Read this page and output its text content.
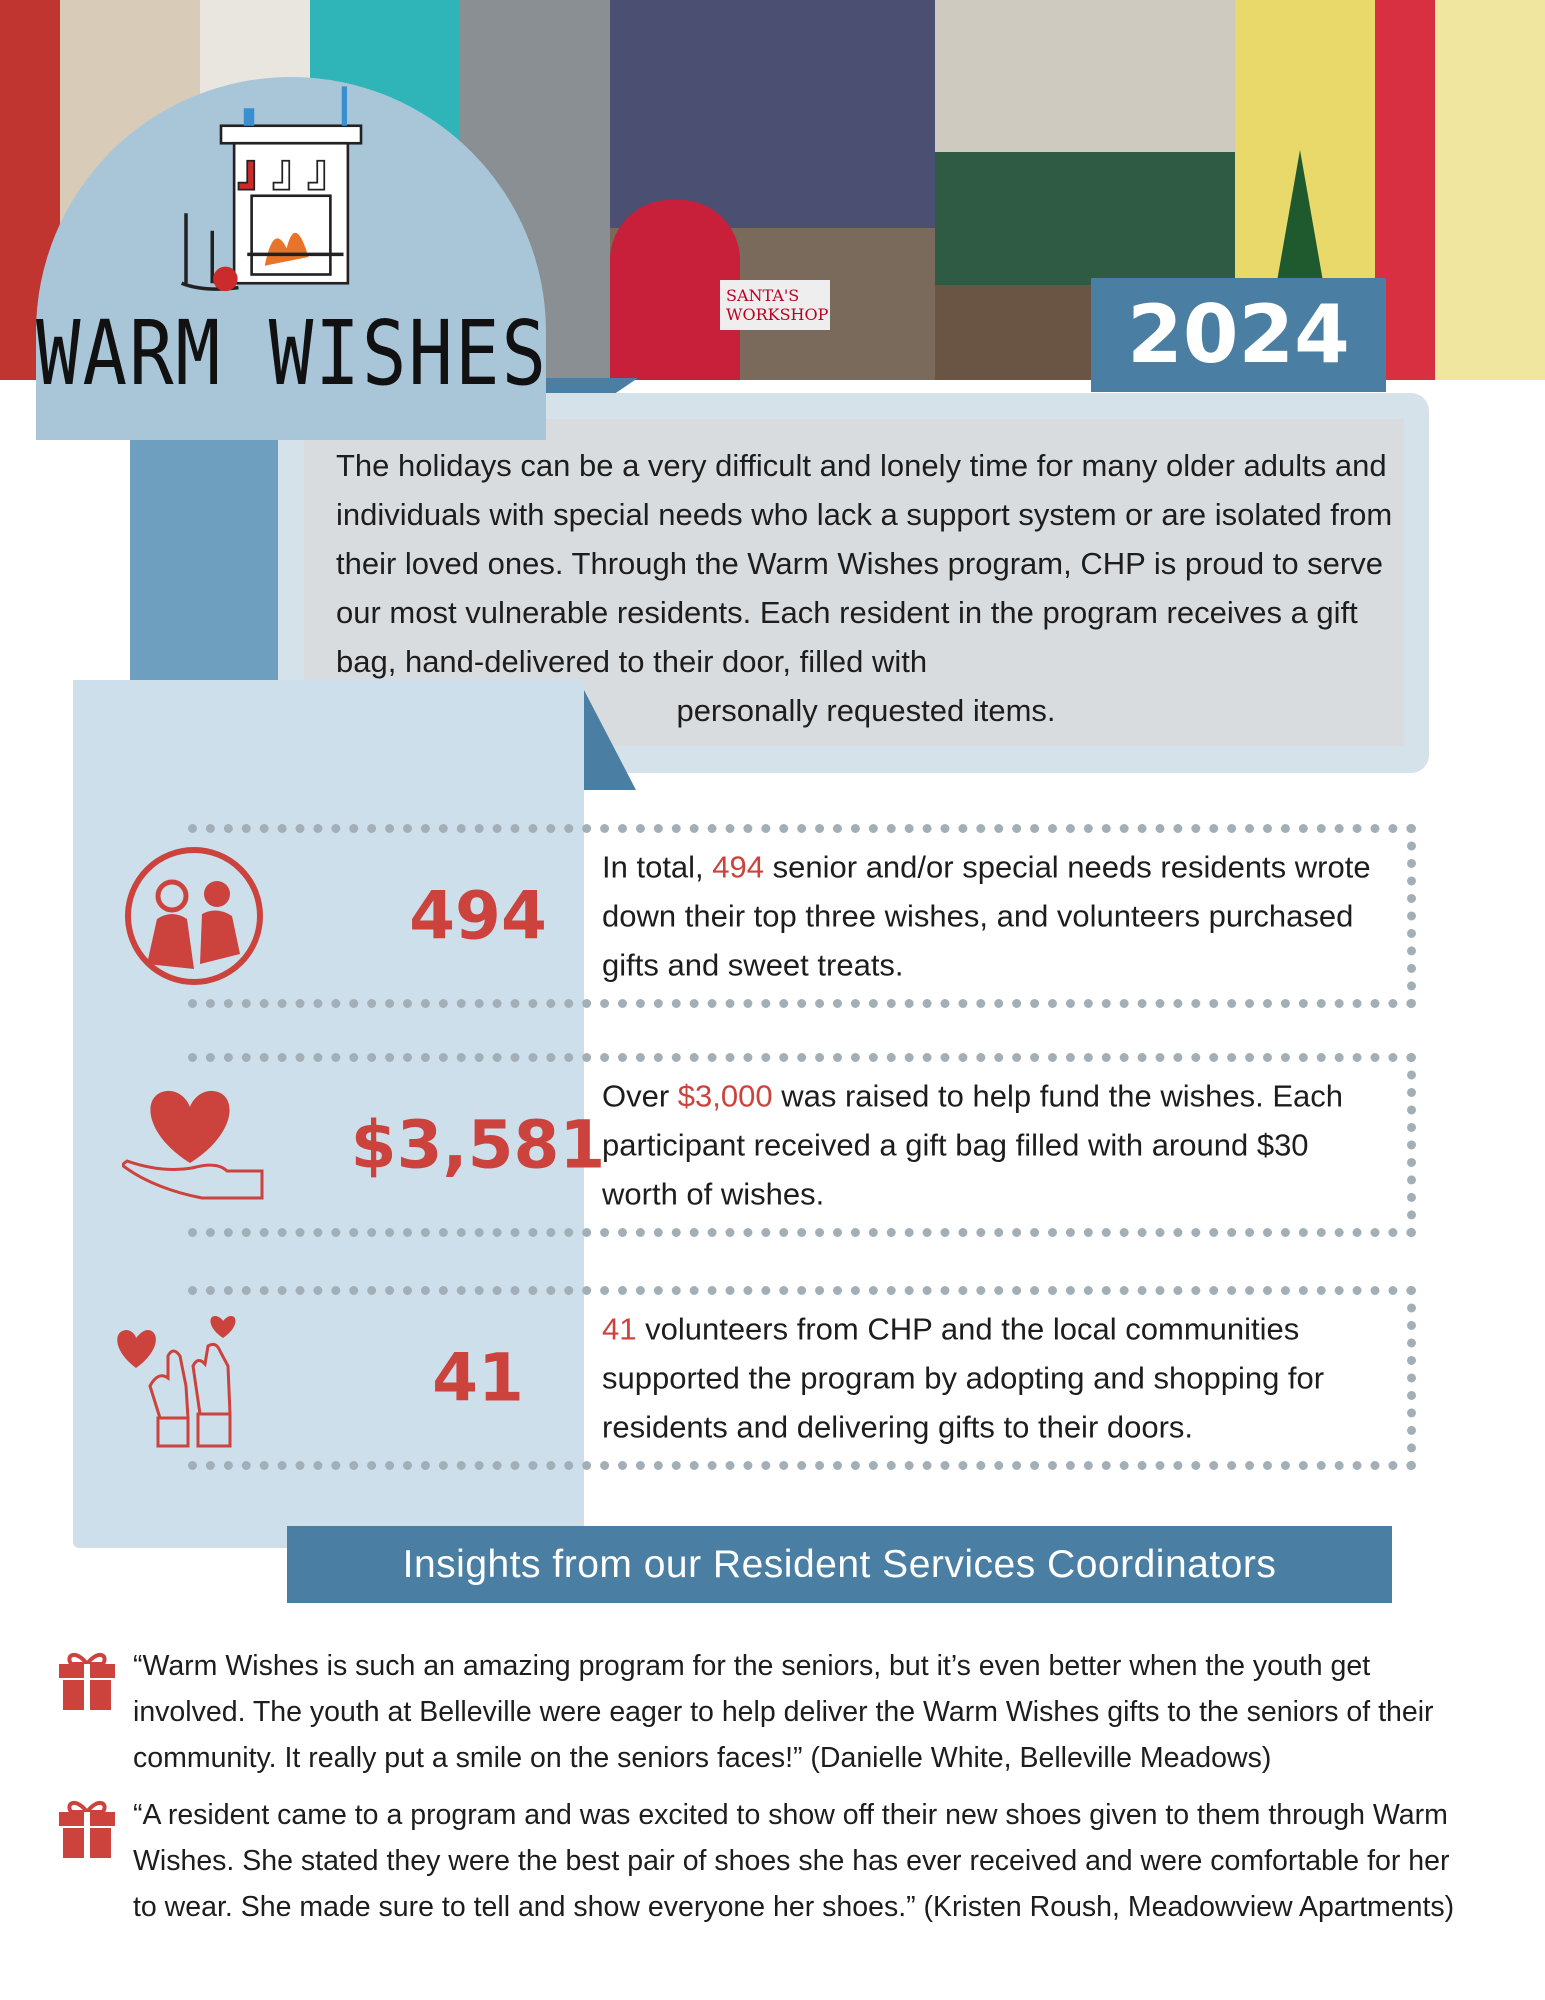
SANTA'S WORKSHOP
WARM WISHES	2024

The holidays can be a very difficult and lonely time for many older adults and individuals with special needs who lack a support system or are isolated from their loved ones. Through the Warm Wishes program, CHP is proud to serve our most vulnerable residents. Each resident in the program receives a gift bag, hand-delivered to their door, filled with
personally requested items.

494

In total, 494 senior and/or special needs residents wrote down their top three wishes, and volunteers purchased gifts and sweet treats.

$3,581

Over $3,000 was raised to help fund the wishes. Each participant received a gift bag filled with around $30 worth of wishes.

41

41 volunteers from CHP and the local communities supported the program by adopting and shopping for residents and delivering gifts to their doors.

Insights from our Resident Services Coordinators

“Warm Wishes is such an amazing program for the seniors, but it’s even better when the youth get involved. The youth at Belleville were eager to help deliver the Warm Wishes gifts to the seniors of their community. It really put a smile on the seniors faces!” (Danielle White, Belleville Meadows)

“A resident came to a program and was excited to show off their new shoes given to them through Warm Wishes. She stated they were the best pair of shoes she has ever received and were comfortable for her to wear. She made sure to tell and show everyone her shoes.” (Kristen Roush, Meadowview Apartments)
